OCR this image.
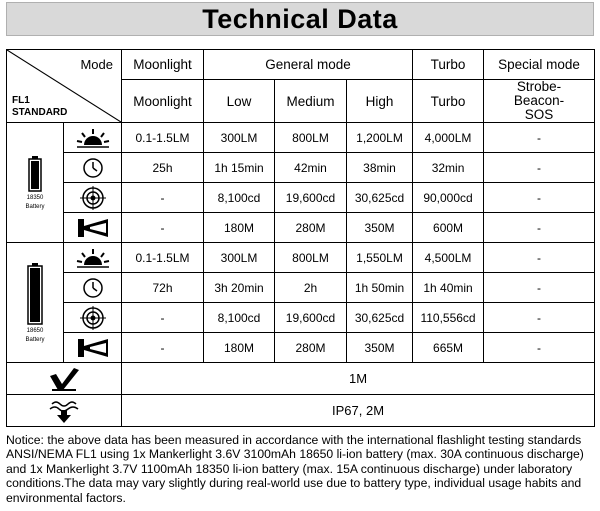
Technical Data
Mode
FL1
STANDARD		Moonlight	General mode			Turbo	Special mode
		Moonlight	Low	Medium	High	Turbo	Strobe-Beacon-SOS

18350
Battery		0.1-1.5LM	300LM	800LM	1,200LM	4,000LM	-

	25h	1h 15min	42min	38min	32min	-

	-	8,100cd	19,600cd	30,625cd	90,000cd	-

	-	180M	280M	350M	600M	-

18650
Battery		0.1-1.5LM	300LM	800LM	1,550LM	4,500LM	-

	72h	3h 20min	2h	1h 50min	1h 40min	-

	-	8,100cd	19,600cd	30,625cd	110,556cd	-

	-	180M	280M	350M	665M	-

	1M					

	IP67, 2M					

Notice: the above data has been measured in accordance with the international flashlight testing standards ANSI/NEMA FL1 using 1x Mankerlight 3.6V 3100mAh 18650 li-ion battery (max. 30A continuous discharge) and 1x Mankerlight 3.7V 1100mAh 18350 li-ion battery (max. 15A continuous discharge) under laboratory conditions.The data may vary slightly during real-world use due to battery type, individual usage habits and environmental factors.
